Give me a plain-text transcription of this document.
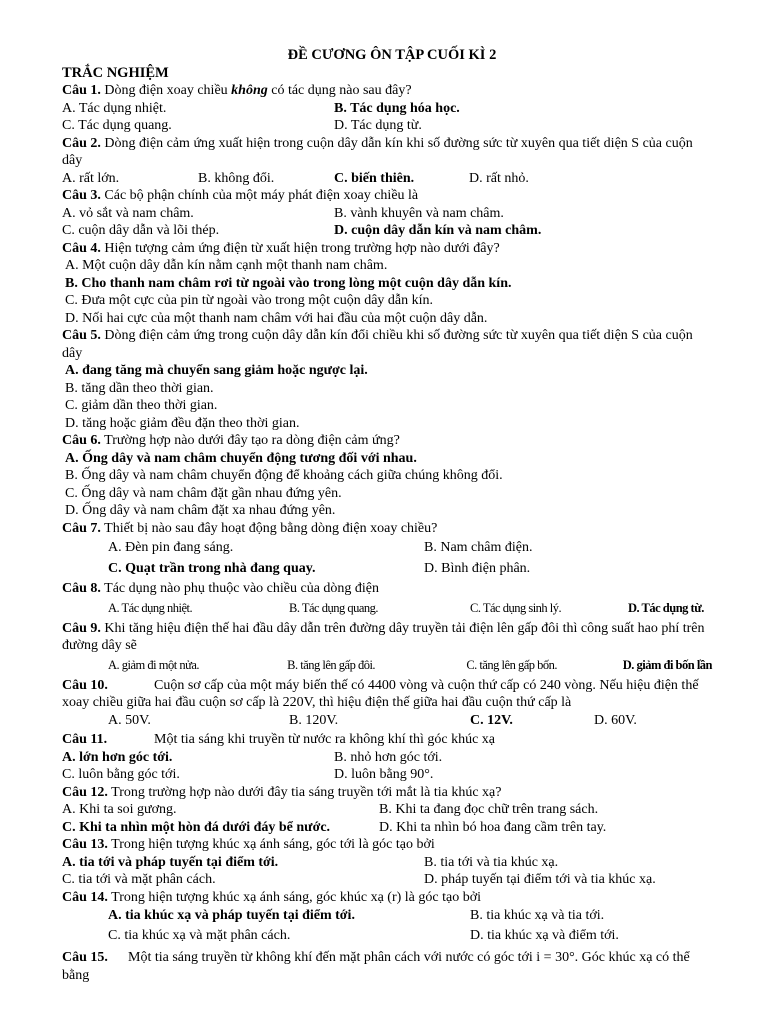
ĐỀ CƯƠNG ÔN TẬP CUỐI KÌ 2
TRẮC NGHIỆM
Câu 1. Dòng điện xoay chiều không có tác dụng nào sau đây?
A. Tác dụng nhiệt.	B. Tác dụng hóa học.
C. Tác dụng quang.	D. Tác dụng từ.
Câu 2. Dòng điện cảm ứng xuất hiện trong cuộn dây dẫn kín khi số đường sức từ xuyên qua tiết diện S của cuộn dây
A. rất lớn.	B. không đổi.	C. biến thiên.	D. rất nhỏ.
Câu 3. Các bộ phận chính của một máy phát điện xoay chiều là
A. vỏ sắt và nam châm.	B. vành khuyên và nam châm.
C. cuộn dây dẫn và lõi thép.	D. cuộn dây dẫn kín và nam châm.
Câu 4. Hiện tượng cảm ứng điện từ xuất hiện trong trường hợp nào dưới đây?
A. Một cuộn dây dẫn kín nằm cạnh một thanh nam châm.
B. Cho thanh nam châm rơi từ ngoài vào trong lòng một cuộn dây dẫn kín.
C. Đưa một cực của pin từ ngoài vào trong một cuộn dây dẫn kín.
D. Nối hai cực của một thanh nam châm với hai đầu của một cuộn dây dẫn.
Câu 5. Dòng điện cảm ứng trong cuộn dây dẫn kín đổi chiều khi số đường sức từ xuyên qua tiết diện S của cuộn dây
A. đang tăng mà chuyển sang giảm hoặc ngược lại.
B. tăng dần theo thời gian.
C. giảm dần theo thời gian.
D. tăng hoặc giảm đều đặn theo thời gian.
Câu 6. Trường hợp nào dưới đây tạo ra dòng điện cảm ứng?
A. Ống dây và nam châm chuyển động tương đối với nhau.
B. Ống dây và nam châm chuyển động để khoảng cách giữa chúng không đổi.
C. Ống dây và nam châm đặt gần nhau đứng yên.
D. Ống dây và nam châm đặt xa nhau đứng yên.
Câu 7. Thiết bị nào sau đây hoạt động bằng dòng điện xoay chiều?
A. Đèn pin đang sáng.	B. Nam châm điện.
C. Quạt trần trong nhà đang quay.	D. Bình điện phân.
Câu 8. Tác dụng nào phụ thuộc vào chiều của dòng điện
A. Tác dụng nhiệt.	B. Tác dụng quang.	C. Tác dụng sinh lý.	D. Tác dụng từ.
Câu 9. Khi tăng hiệu điện thế hai đầu dây dẫn trên đường dây truyền tải điện lên gấp đôi thì công suất hao phí trên đường dây sẽ
A. giảm đi một nửa.	B. tăng lên gấp đôi.	C. tăng lên gấp bốn.	D. giảm đi bốn lần
Câu 10.	Cuộn sơ cấp của một máy biến thế có 4400 vòng và cuộn thứ cấp có 240 vòng. Nếu hiệu điện thế xoay chiều giữa hai đầu cuộn sơ cấp là 220V, thì hiệu điện thế giữa hai đầu cuộn thứ cấp là
A. 50V.	B. 120V.	C. 12V.	D. 60V.
Câu 11.	Một tia sáng khi truyền từ nước ra không khí thì góc khúc xạ
A. lớn hơn góc tới.	B. nhỏ hơn góc tới.
C. luôn bằng góc tới.	D. luôn bằng 90°.
Câu 12. Trong trường hợp nào dưới đây tia sáng truyền tới mắt là tia khúc xạ?
A. Khi ta soi gương.	B. Khi ta đang đọc chữ trên trang sách.
C. Khi ta nhìn một hòn đá dưới đáy bể nước.	D. Khi ta nhìn bó hoa đang cầm trên tay.
Câu 13. Trong hiện tượng khúc xạ ánh sáng, góc tới là góc tạo bởi
A. tia tới và pháp tuyến tại điểm tới.	B. tia tới và tia khúc xạ.
C. tia tới và mặt phân cách.	D. pháp tuyến tại điểm tới và tia khúc xạ.
Câu 14. Trong hiện tượng khúc xạ ánh sáng, góc khúc xạ (r) là góc tạo bởi
A. tia khúc xạ và pháp tuyến tại điểm tới.	B. tia khúc xạ và tia tới.
C. tia khúc xạ và mặt phân cách.	D. tia khúc xạ và điểm tới.
Câu 15. Một tia sáng truyền từ không khí đến mặt phân cách với nước có góc tới i = 30°. Góc khúc xạ có thể bằng
